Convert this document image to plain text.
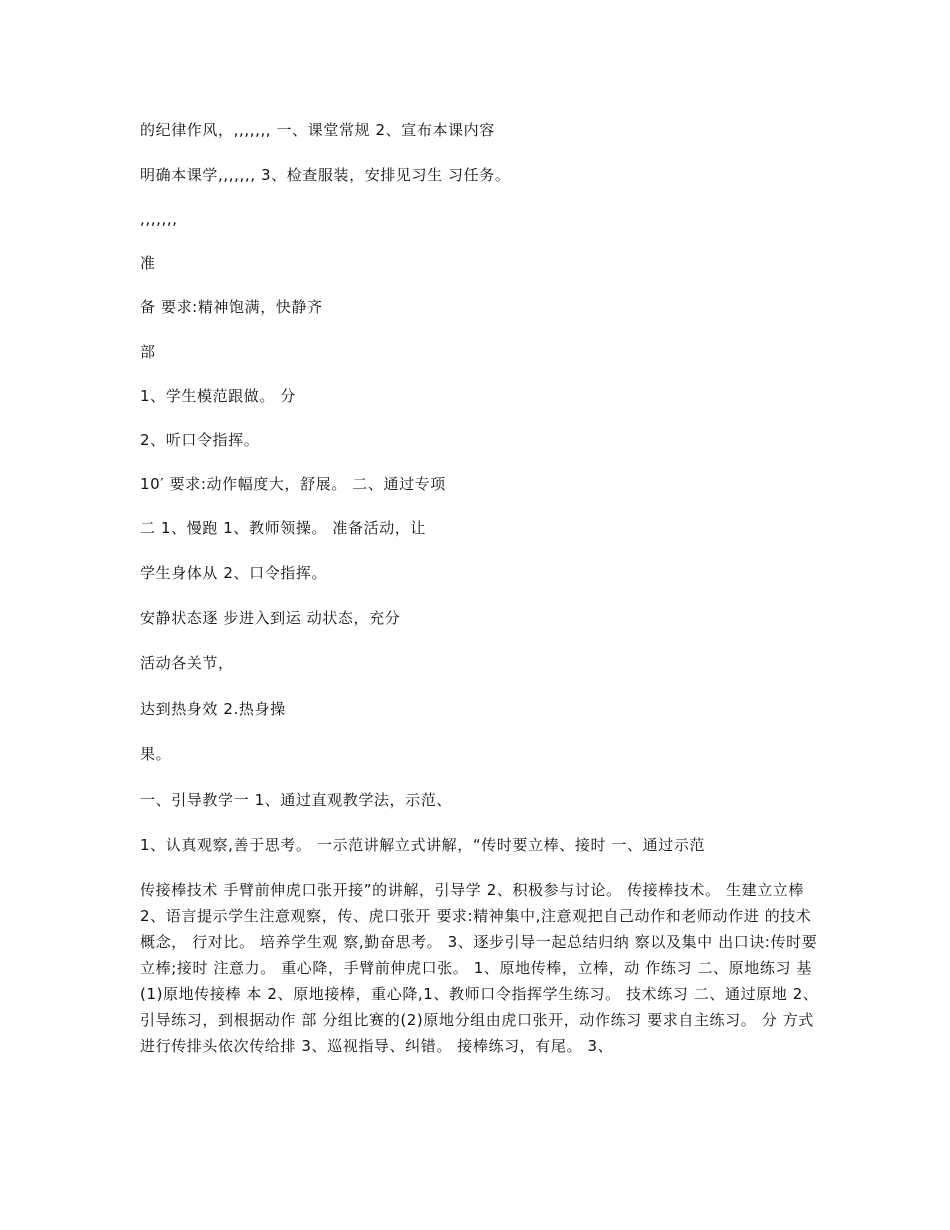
的纪律作风，,,,,,,, 一、课堂常规 2、宣布本课内容
明确本课学,,,,,,, 3、检查服装，安排见习生 习任务。
,,,,,,,
准
备 要求:精神饱满，快静齐
部
1、学生模范跟做。 分
2、听口令指挥。
10′ 要求:动作幅度大，舒展。 二、通过专项
二 1、慢跑 1、教师领操。 准备活动，让
学生身体从 2、口令指挥。
安静状态逐 步进入到运 动状态，充分
活动各关节，
达到热身效 2.热身操
果。
一、引导教学一 1、通过直观教学法，示范、
1、认真观察,善于思考。 一示范讲解立式讲解，“传时要立棒、接时 一、通过示范
传接棒技术 手臂前伸虎口张开接”的讲解，引导学 2、积极参与讨论。 传接棒技术。 生建立立棒 2、语言提示学生注意观察，传、虎口张开 要求:精神集中,注意观把自己动作和老师动作进 的技术概念， 行对比。 培养学生观 察,勤奋思考。 3、逐步引导一起总结归纳 察以及集中 出口诀:传时要立棒;接时 注意力。 重心降，手臂前伸虎口张。 1、原地传棒，立棒，动 作练习 二、原地练习 基 (1)原地传接棒 本 2、原地接棒，重心降,1、教师口令指挥学生练习。 技术练习 二、通过原地 2、引导练习，到根据动作 部 分组比赛的(2)原地分组由虎口张开，动作练习 要求自主练习。 分 方式进行传排头依次传给排 3、巡视指导、纠错。 接棒练习，有尾。 3、
